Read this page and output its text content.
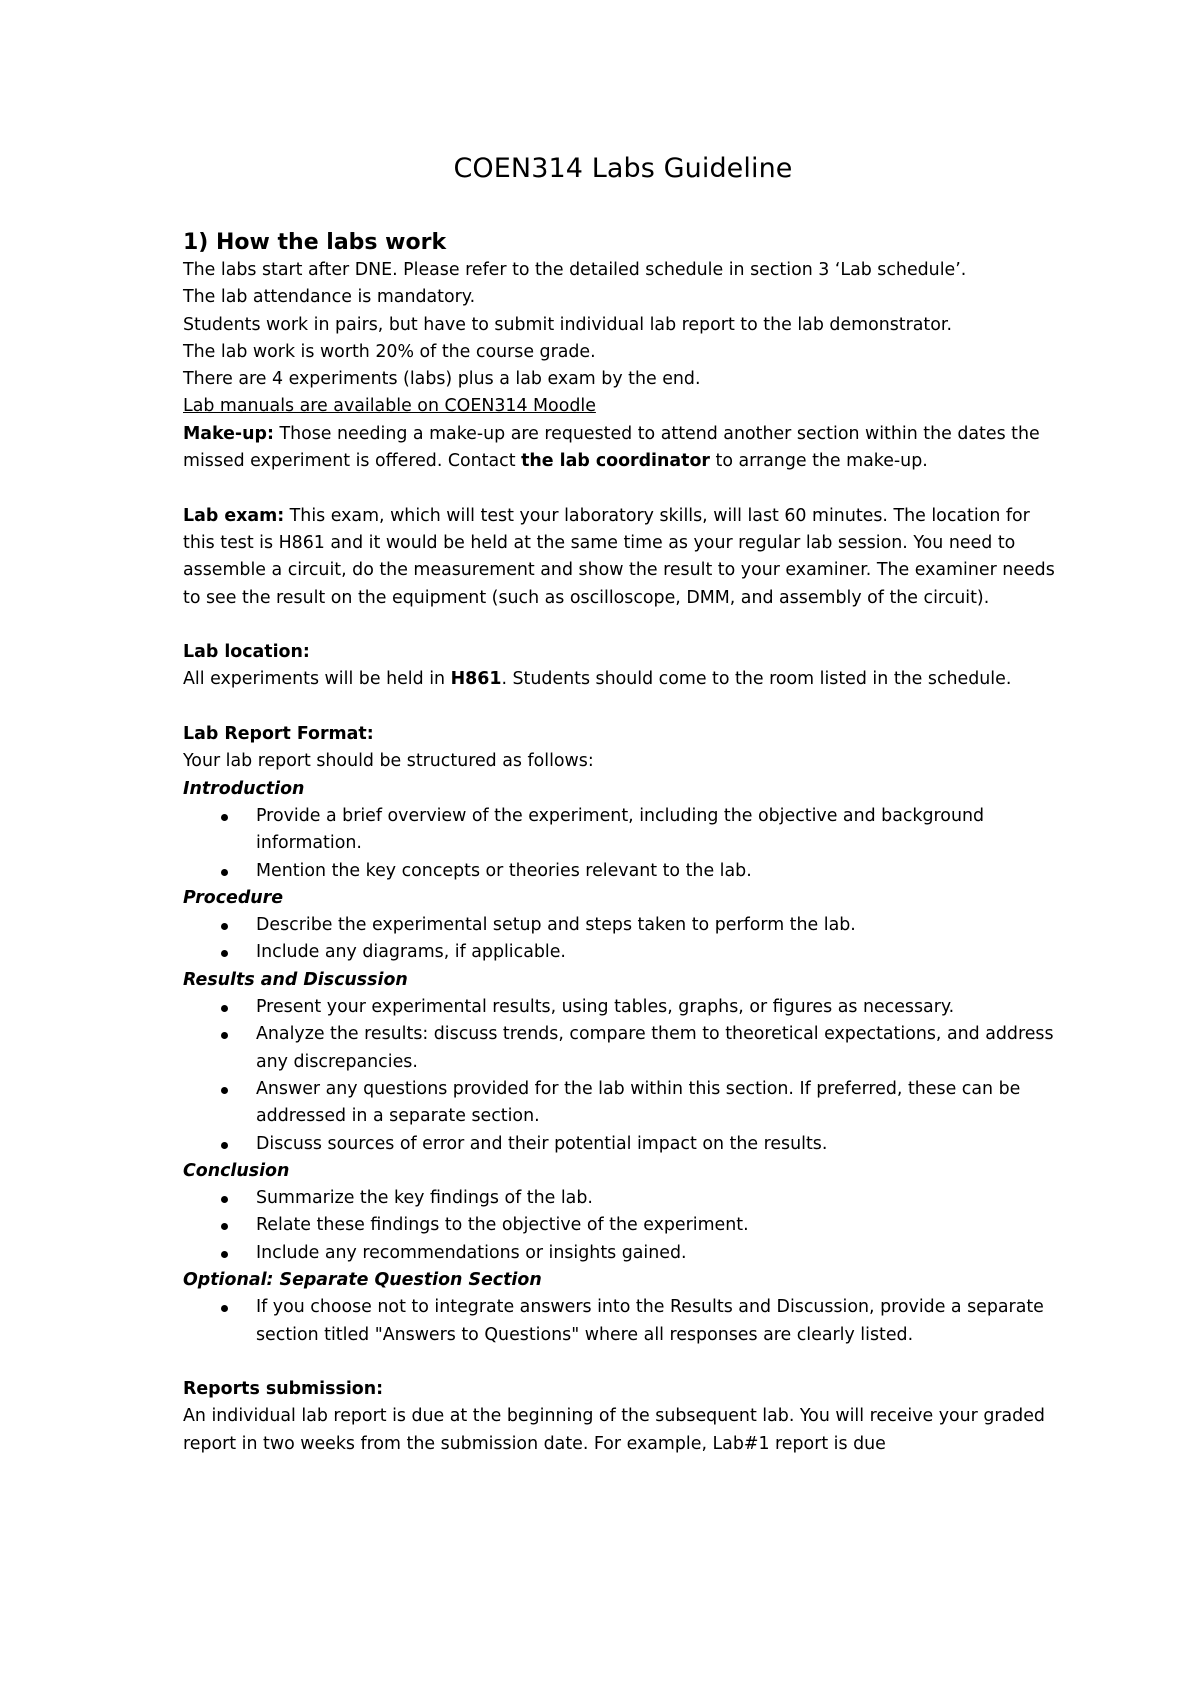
COEN314 Labs Guideline
1) How the labs work

The labs start after DNE. Please refer to the detailed schedule in section 3 ‘Lab schedule’.

The lab attendance is mandatory.

Students work in pairs, but have to submit individual lab report to the lab demonstrator.

The lab work is worth 20% of the course grade.

There are 4 experiments (labs) plus a lab exam by the end.

Lab manuals are available on COEN314 Moodle

Make-up: Those needing a make-up are requested to attend another section within the dates the missed experiment is offered. Contact the lab coordinator to arrange the make-up.

Lab exam: This exam, which will test your laboratory skills, will last 60 minutes. The location for this test is H861 and it would be held at the same time as your regular lab session. You need to assemble a circuit, do the measurement and show the result to your examiner. The examiner needs to see the result on the equipment (such as oscilloscope, DMM, and assembly of the circuit).

Lab location:

All experiments will be held in H861. Students should come to the room listed in the schedule.

Lab Report Format:

Your lab report should be structured as follows:

Introduction

Provide a brief overview of the experiment, including the objective and background information.
Mention the key concepts or theories relevant to the lab.

Procedure

Describe the experimental setup and steps taken to perform the lab.
Include any diagrams, if applicable.

Results and Discussion

Present your experimental results, using tables, graphs, or figures as necessary.
Analyze the results: discuss trends, compare them to theoretical expectations, and address any discrepancies.
Answer any questions provided for the lab within this section. If preferred, these can be addressed in a separate section.
Discuss sources of error and their potential impact on the results.

Conclusion

Summarize the key findings of the lab.
Relate these findings to the objective of the experiment.
Include any recommendations or insights gained.

Optional: Separate Question Section

If you choose not to integrate answers into the Results and Discussion, provide a separate section titled "Answers to Questions" where all responses are clearly listed.

Reports submission:

An individual lab report is due at the beginning of the subsequent lab. You will receive your graded report in two weeks from the submission date. For example, Lab#1 report is due
